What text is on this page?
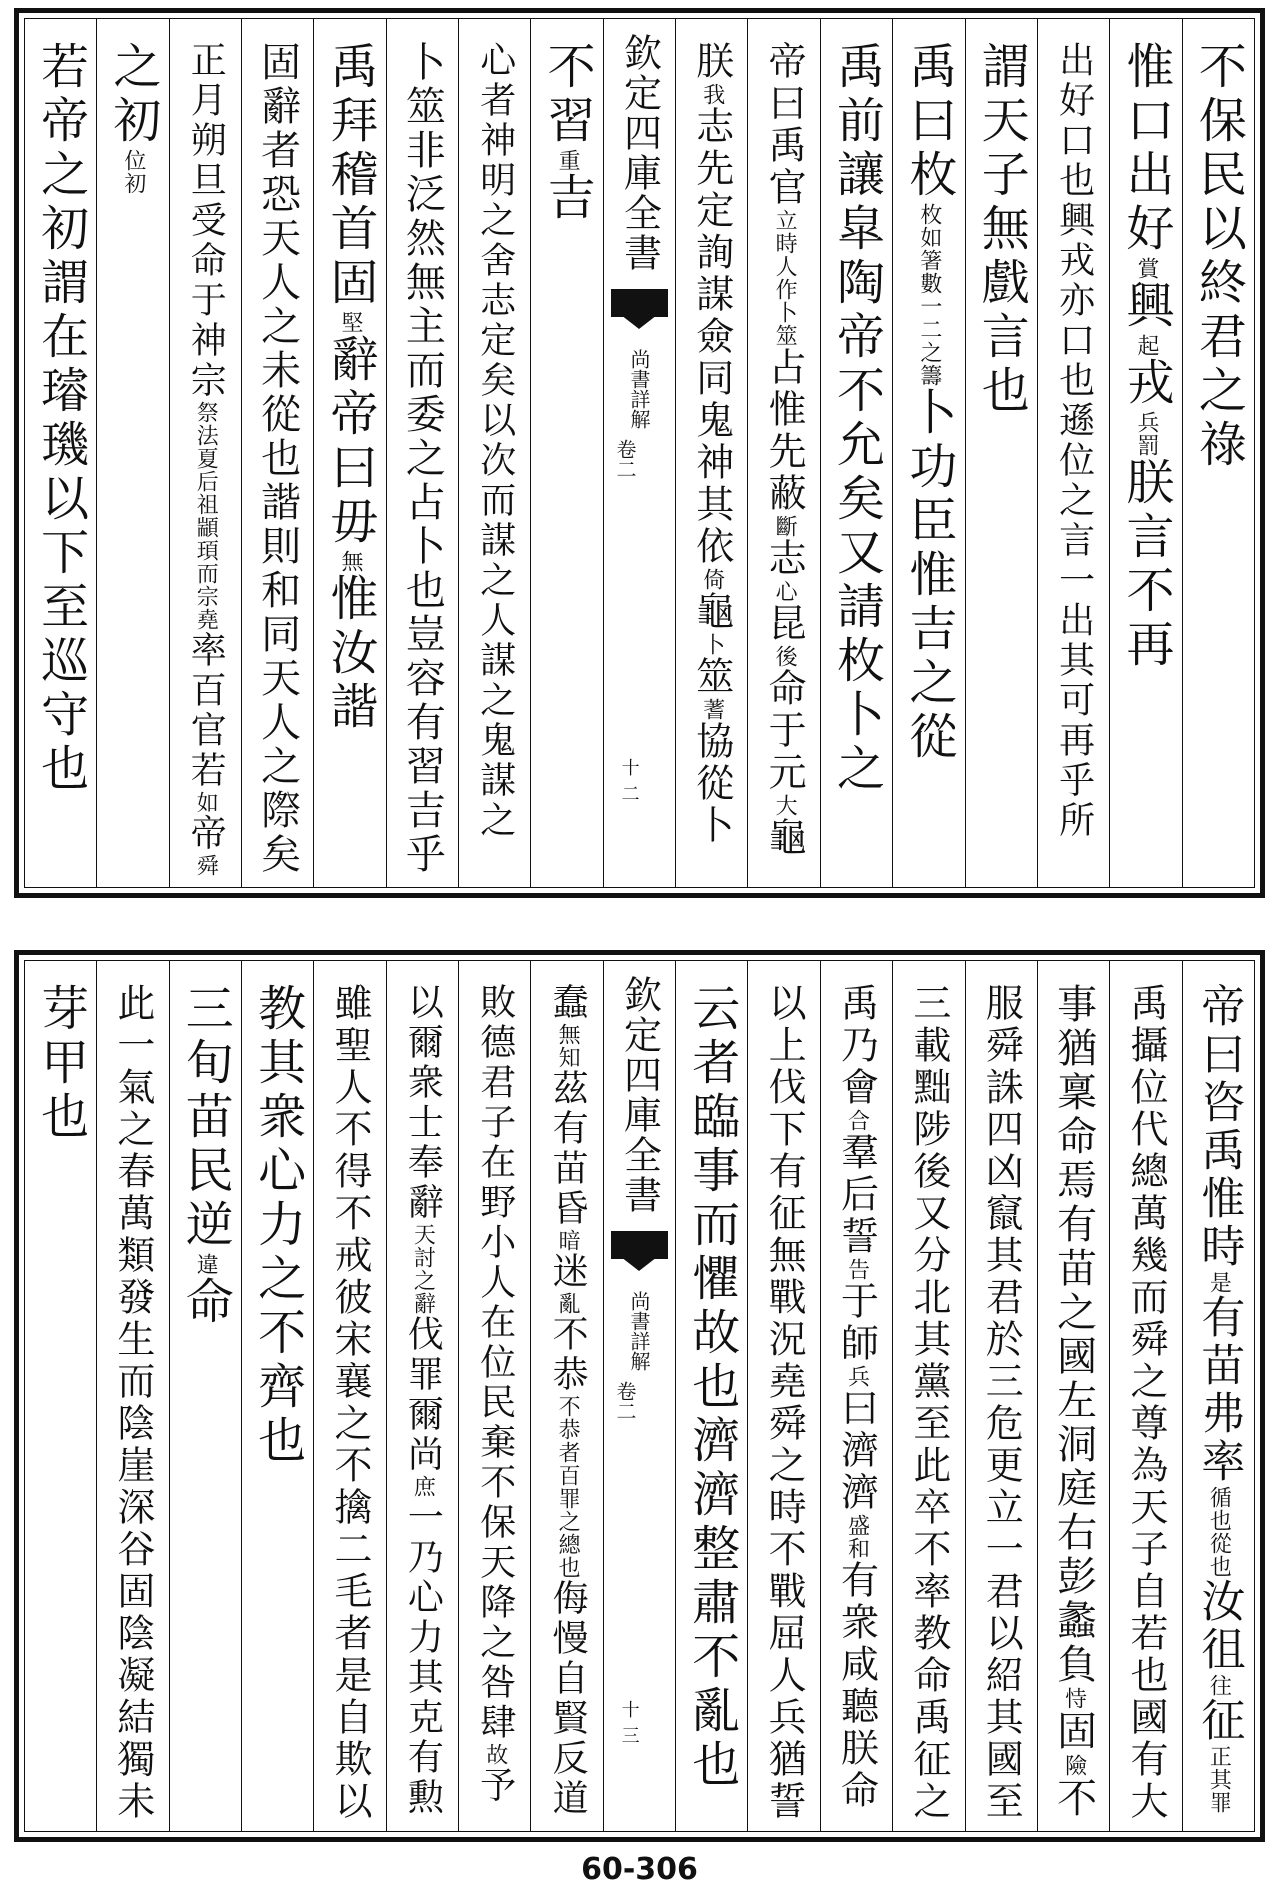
不保民以終君之祿
惟口出好賞興起戎兵罰朕言不再
出好口也興戎亦口也遜位之言一出其可再乎所
謂天子無戲言也
禹曰枚枚如箸數一二之籌卜功臣惟吉之從
禹前讓皐陶帝不允矣又請枚卜之
帝曰禹官立時人作卜筮占惟先蔽斷志心昆後命于元大龜
朕我志先定詢謀僉同鬼神其依倚龜卜筮蓍協從卜
欽定四庫全書
尚書詳解
卷二
十二
不習重吉
心者神明之舍志定矣以次而謀之人謀之鬼謀之
卜筮非泛然無主而委之占卜也豈容有習吉乎
禹拜稽首固堅辭帝曰毋無惟汝諧
固辭者恐天人之未從也諧則和同天人之際矣
正月朔旦受命于神宗祭法夏后祖顓頊而宗堯率百官若如帝舜
之初位初
若帝之初謂在璿璣以下至巡守也
帝曰咨禹惟時是有苗弗率循也從也汝徂往征正其罪
禹攝位代總萬幾而舜之尊為天子自若也國有大
事猶稟命焉有苗之國左洞庭右彭蠡負恃固險不
服舜誅四凶竄其君於三危更立一君以紹其國至
三載黜陟後又分北其黨至此卒不率教命禹征之
禹乃會合羣后誓告于師兵曰濟濟盛和有衆咸聽朕命
以上伐下有征無戰況堯舜之時不戰屈人兵猶誓
云者臨事而懼故也濟濟整肅不亂也
欽定四庫全書
尚書詳解
卷二
十三
蠢無知茲有苗昏暗迷亂不恭不恭者百罪之總也侮慢自賢反道
敗德君子在野小人在位民棄不保天降之咎肆故予
以爾衆士奉辭天討之辭伐罪爾尚庶一乃心力其克有勲
雖聖人不得不戒彼宋襄之不擒二毛者是自欺以
教其衆心力之不齊也
三旬苗民逆違命
此一氣之春萬類發生而陰崖深谷固陰凝結獨未
芽甲也
60-306
